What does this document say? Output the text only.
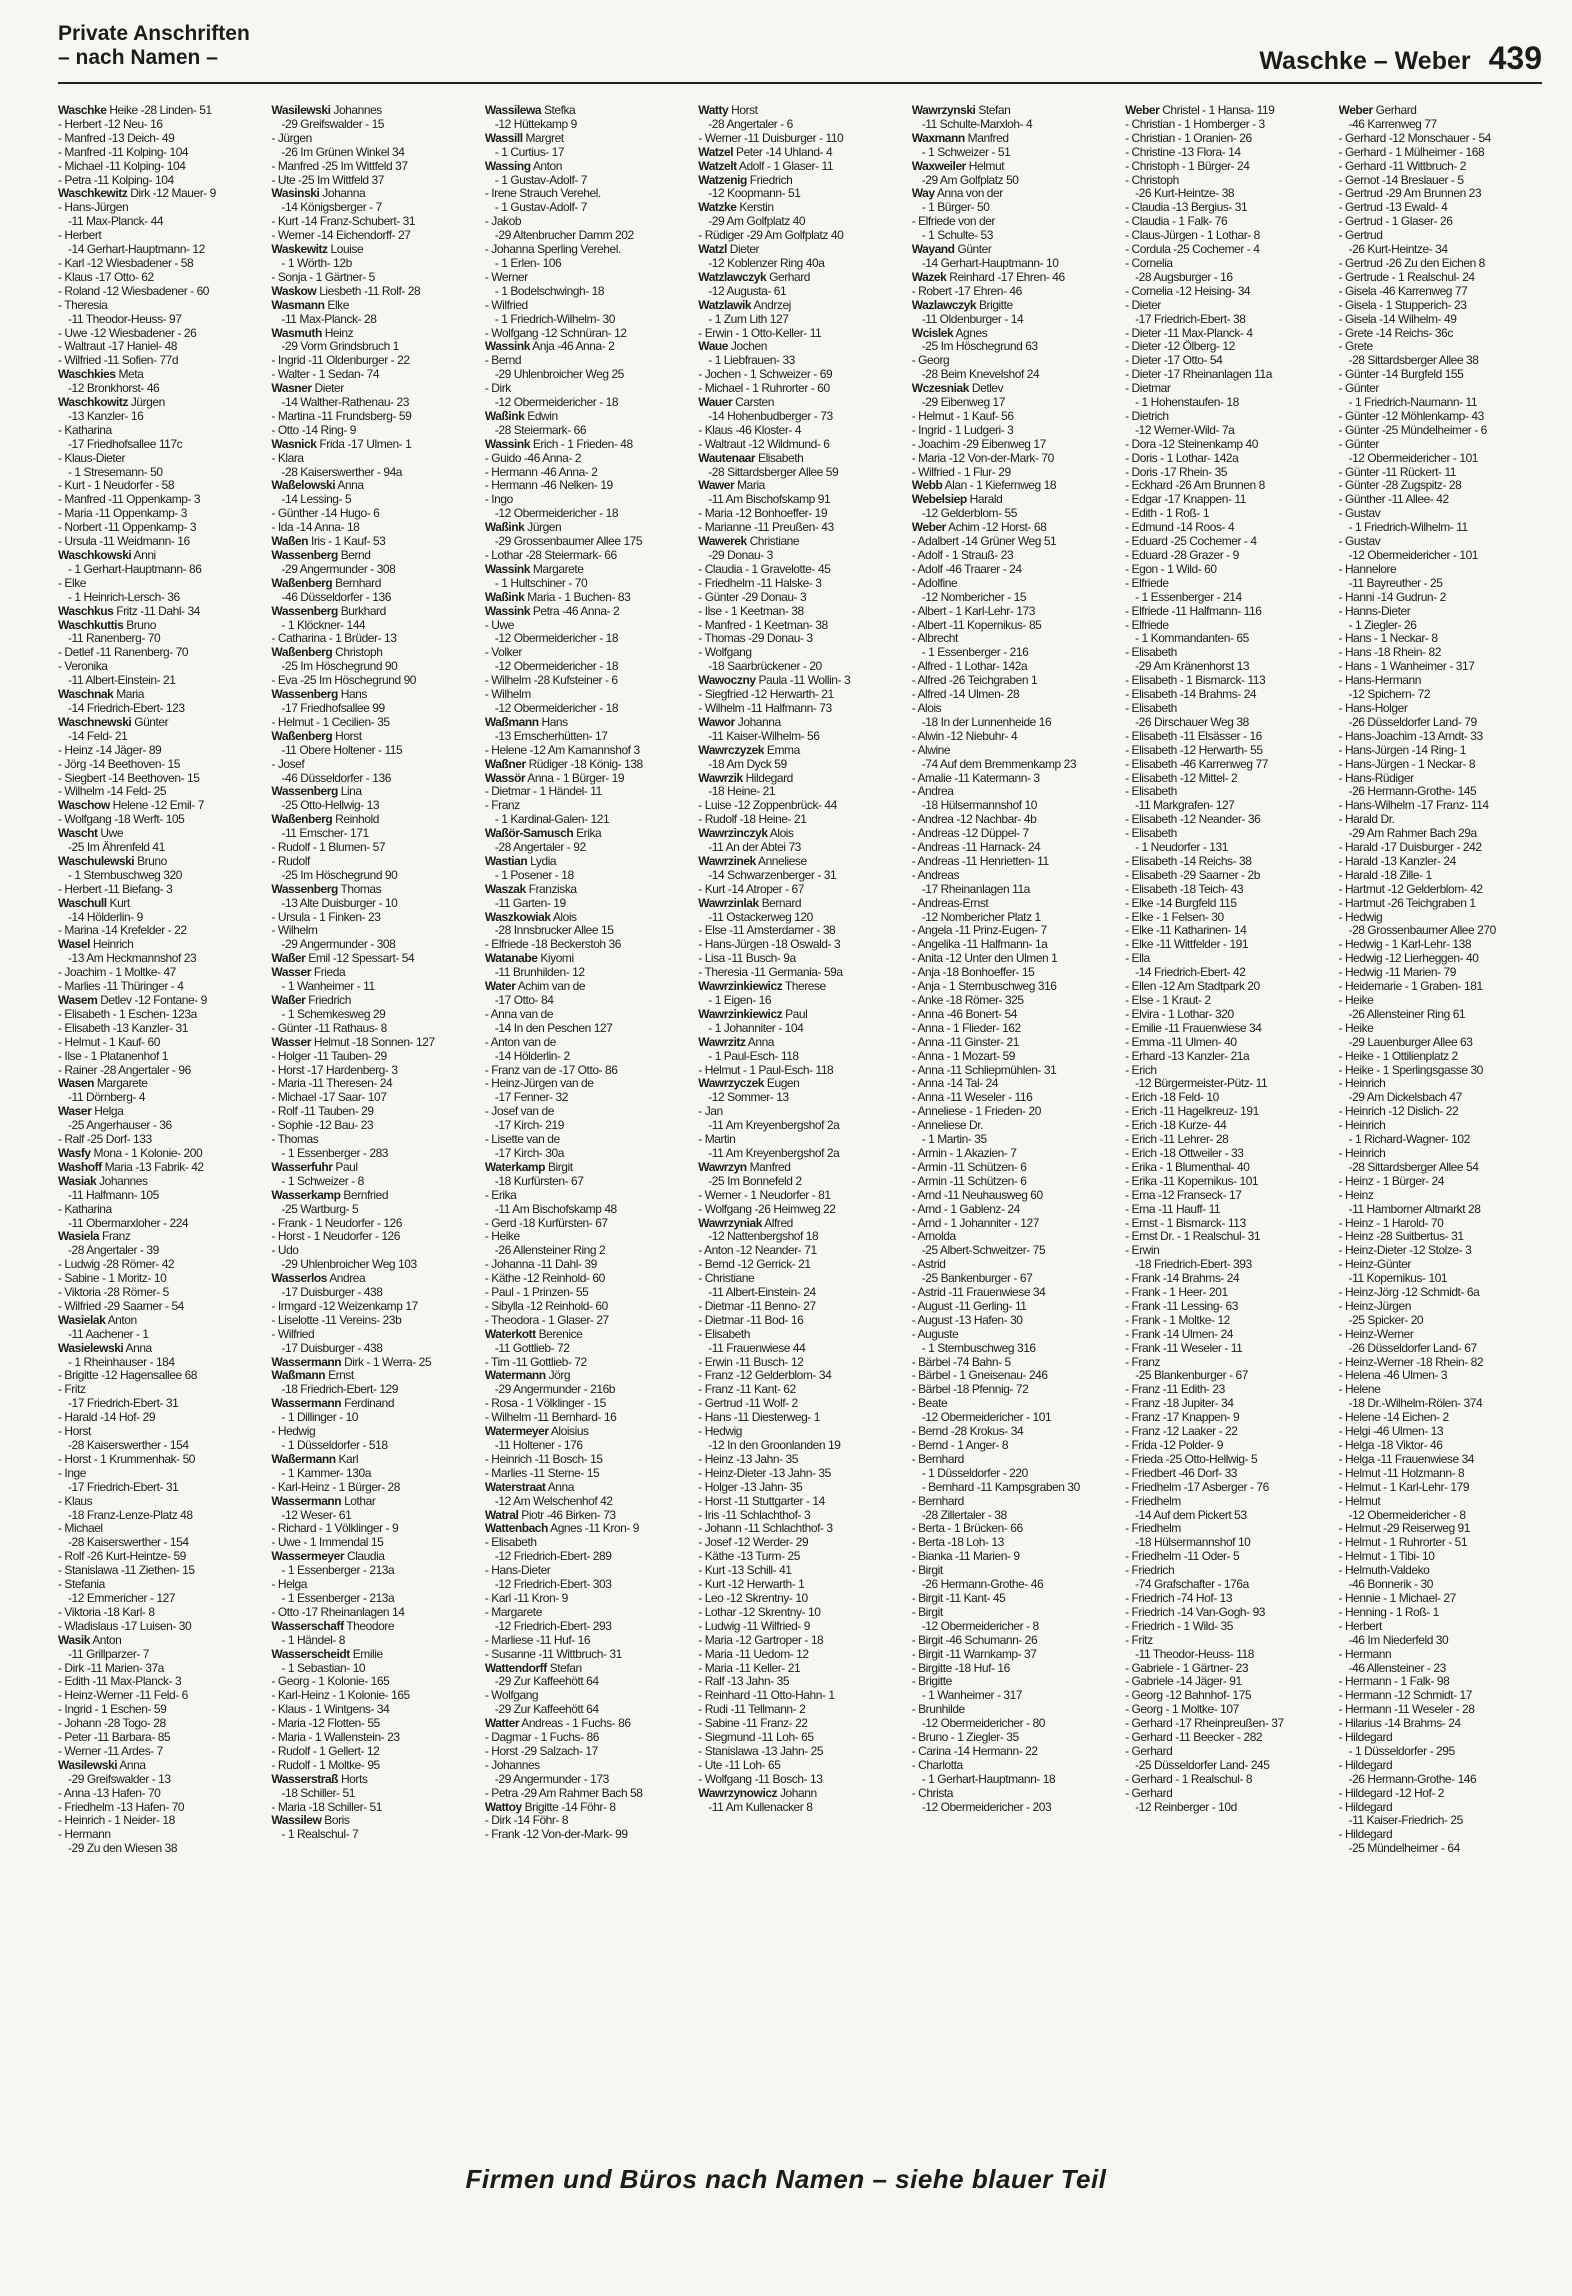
Private Anschriften
– nach Namen –	Waschke – Weber 439
Waschke Heike -28 Linden- 51
- Herbert -12 Neu- 16
- Manfred -13 Deich- 49
- Manfred -11 Kolping- 104
- Michael -11 Kolping- 104
- Petra -11 Kolping- 104
Waschkewitz Dirk -12 Mauer- 9
- Hans-Jürgen
-11 Max-Planck- 44
- Herbert
-14 Gerhart-Hauptmann- 12
- Karl -12 Wiesbadener - 58
- Klaus -17 Otto- 62
- Roland -12 Wiesbadener - 60
- Theresia
-11 Theodor-Heuss- 97
- Uwe -12 Wiesbadener - 26
- Waltraut -17 Haniel- 48
- Wilfried -11 Sofien- 77d
Waschkies Meta
-12 Bronkhorst- 46
Waschkowitz Jürgen
-13 Kanzler- 16
- Katharina
-17 Friedhofsallee 117c
- Klaus-Dieter
- 1 Stresemann- 50
- Kurt - 1 Neudorfer - 58
- Manfred -11 Oppenkamp- 3
- Maria -11 Oppenkamp- 3
- Norbert -11 Oppenkamp- 3
- Ursula -11 Weidmann- 16
Waschkowski Anni
- 1 Gerhart-Hauptmann- 86
- Elke
- 1 Heinrich-Lersch- 36
Waschkus Fritz -11 Dahl- 34
Waschkuttis Bruno
-11 Ranenberg- 70
- Detlef -11 Ranenberg- 70
- Veronika
-11 Albert-Einstein- 21
Waschnak Maria
-14 Friedrich-Ebert- 123
Waschnewski Günter
-14 Feld- 21
- Heinz -14 Jäger- 89
- Jörg -14 Beethoven- 15
- Siegbert -14 Beethoven- 15
- Wilhelm -14 Feld- 25
Waschow Helene -12 Emil- 7
- Wolfgang -18 Werft- 105
Wascht Uwe
-25 Im Ährenfeld 41
Waschulewski Bruno
- 1 Sternbuschweg 320
- Herbert -11 Biefang- 3
Waschull Kurt
-14 Hölderlin- 9
- Marina -14 Krefelder - 22
Wasel Heinrich
-13 Am Heckmannshof 23
- Joachim - 1 Moltke- 47
- Marlies -11 Thüringer - 4
Wasem Detlev -12 Fontane- 9
- Elisabeth - 1 Eschen- 123a
- Elisabeth -13 Kanzler- 31
- Helmut - 1 Kauf- 60
- Ilse - 1 Platanenhof 1
- Rainer -28 Angertaler - 96
Wasen Margarete
-11 Dörnberg- 4
Waser Helga
-25 Angerhauser - 36
- Ralf -25 Dorf- 133
Wasfy Mona - 1 Kolonie- 200
Washoff Maria -13 Fabrik- 42
Wasiak Johannes
-11 Halfmann- 105
- Katharina
-11 Obermarxloher - 224
Wasiela Franz
-28 Angertaler - 39
- Ludwig -28 Römer- 42
- Sabine - 1 Moritz- 10
- Viktoria -28 Römer- 5
- Wilfried -29 Saarner - 54
Wasielak Anton
-11 Aachener - 1
Wasielewski Anna
- 1 Rheinhauser - 184
- Brigitte -12 Hagensallee 68
- Fritz
-17 Friedrich-Ebert- 31
- Harald -14 Hof- 29
- Horst
-28 Kaiserswerther - 154
- Horst - 1 Krummenhak- 50
- Inge
-17 Friedrich-Ebert- 31
- Klaus
-18 Franz-Lenze-Platz 48
- Michael
-28 Kaiserswerther - 154
- Rolf -26 Kurt-Heintze- 59
- Stanislawa -11 Ziethen- 15
- Stefania
-12 Emmericher - 127
- Viktoria -18 Karl- 8
- Wladislaus -17 Luisen- 30
Wasik Anton
-11 Grillparzer- 7
- Dirk -11 Marien- 37a
- Edith -11 Max-Planck- 3
- Heinz-Werner -11 Feld- 6
- Ingrid - 1 Eschen- 59
- Johann -28 Togo- 28
- Peter -11 Barbara- 85
- Werner -11 Ardes- 7
Wasilewski Anna
-29 Greifswalder - 13
- Anna -13 Hafen- 70
- Friedhelm -13 Hafen- 70
- Heinrich - 1 Neider- 18
- Hermann
-29 Zu den Wiesen 38
Wasilewski Johannes
-29 Greifswalder - 15
- Jürgen
-26 Im Grünen Winkel 34
- Manfred -25 Im Wittfeld 37
- Ute -25 Im Wittfeld 37
Wasinski Johanna
-14 Königsberger - 7
- Kurt -14 Franz-Schubert- 31
- Werner -14 Eichendorff- 27
Waskewitz Louise
- 1 Wörth- 12b
- Sonja - 1 Gärtner- 5
Waskow Liesbeth -11 Rolf- 28
Wasmann Elke
-11 Max-Planck- 28
Wasmuth Heinz
-29 Vorm Grindsbruch 1
- Ingrid -11 Oldenburger - 22
- Walter - 1 Sedan- 74
Wasner Dieter
-14 Walther-Rathenau- 23
- Martina -11 Frundsberg- 59
- Otto -14 Ring- 9
Wasnick Frida -17 Ulmen- 1
- Klara
-28 Kaiserswerther - 94a
Waßelowski Anna
-14 Lessing- 5
- Günther -14 Hugo- 6
- Ida -14 Anna- 18
Waßen Iris - 1 Kauf- 53
Wassenberg Bernd
-29 Angermunder - 308
Waßenberg Bernhard
-46 Düsseldorfer - 136
Wassenberg Burkhard
- 1 Klöckner- 144
- Catharina - 1 Brüder- 13
Waßenberg Christoph
-25 Im Höschegrund 90
- Eva -25 Im Höschegrund 90
Wassenberg Hans
-17 Friedhofsallee 99
- Helmut - 1 Cecilien- 35
Waßenberg Horst
-11 Obere Holtener - 115
- Josef
-46 Düsseldorfer - 136
Wassenberg Lina
-25 Otto-Hellwig- 13
Waßenberg Reinhold
-11 Emscher- 171
- Rudolf - 1 Blumen- 57
- Rudolf
-25 Im Höschegrund 90
Wassenberg Thomas
-13 Alte Duisburger - 10
- Ursula - 1 Finken- 23
- Wilhelm
-29 Angermunder - 308
Waßer Emil -12 Spessart- 54
Wasser Frieda
- 1 Wanheimer - 11
Waßer Friedrich
- 1 Schemkesweg 29
- Günter -11 Rathaus- 8
Wasser Helmut -18 Sonnen- 127
- Holger -11 Tauben- 29
- Horst -17 Hardenberg- 3
- Maria -11 Theresen- 24
- Michael -17 Saar- 107
- Rolf -11 Tauben- 29
- Sophie -12 Bau- 23
- Thomas
- 1 Essenberger - 283
Wasserfuhr Paul
- 1 Schweizer - 8
Wasserkamp Bernfried
-25 Wartburg- 5
- Frank - 1 Neudorfer - 126
- Horst - 1 Neudorfer - 126
- Udo
-29 Uhlenbroicher Weg 103
Wasserlos Andrea
-17 Duisburger - 438
- Irmgard -12 Weizenkamp 17
- Liselotte -11 Vereins- 23b
- Wilfried
-17 Duisburger - 438
Wassermann Dirk - 1 Werra- 25
Waßmann Ernst
-18 Friedrich-Ebert- 129
Wassermann Ferdinand
- 1 Dillinger - 10
- Hedwig
- 1 Düsseldorfer - 518
Waßermann Karl
- 1 Kammer- 130a
- Karl-Heinz - 1 Bürger- 28
Wassermann Lothar
-12 Weser- 61
- Richard - 1 Völklinger - 9
- Uwe - 1 Immendal 15
Wassermeyer Claudia
- 1 Essenberger - 213a
- Helga
- 1 Essenberger - 213a
- Otto -17 Rheinanlagen 14
Wasserschaff Theodore
- 1 Händel- 8
Wasserscheidt Emilie
- 1 Sebastian- 10
- Georg - 1 Kolonie- 165
- Karl-Heinz - 1 Kolonie- 165
- Klaus - 1 Wintgens- 34
- Maria -12 Flotten- 55
- Maria - 1 Wallenstein- 23
- Rudolf - 1 Gellert- 12
- Rudolf - 1 Moltke- 95
Wasserstraß Horts
-18 Schiller- 51
- Maria -18 Schiller- 51
Wassilew Boris
- 1 Realschul- 7
Wassilewa Stefka
-12 Hüttekamp 9
Wassill Margret
- 1 Curtius- 17
Wassing Anton
- 1 Gustav-Adolf- 7
- Irene Strauch Verehel.
- 1 Gustav-Adolf- 7
- Jakob
-29 Altenbrucher Damm 202
- Johanna Sperling Verehel.
- 1 Erlen- 106
- Werner
- 1 Bodelschwingh- 18
- Wilfried
- 1 Friedrich-Wilhelm- 30
- Wolfgang -12 Schnüran- 12
Wassink Anja -46 Anna- 2
- Bernd
-29 Uhlenbroicher Weg 25
- Dirk
-12 Obermeidericher - 18
Waßink Edwin
-28 Steiermark- 66
Wassink Erich - 1 Frieden- 48
- Guido -46 Anna- 2
- Hermann -46 Anna- 2
- Hermann -46 Nelken- 19
- Ingo
-12 Obermeidericher - 18
Waßink Jürgen
-29 Grossenbaumer Allee 175
- Lothar -28 Steiermark- 66
Wassink Margarete
- 1 Hultschiner - 70
Waßink Maria - 1 Buchen- 83
Wassink Petra -46 Anna- 2
- Uwe
-12 Obermeidericher - 18
- Volker
-12 Obermeidericher - 18
- Wilhelm -28 Kufsteiner - 6
- Wilhelm
-12 Obermeidericher - 18
Waßmann Hans
-13 Emscherhütten- 17
- Helene -12 Am Kamannshof 3
Waßner Rüdiger -18 König- 138
Wassör Anna - 1 Bürger- 19
- Dietmar - 1 Händel- 11
- Franz
- 1 Kardinal-Galen- 121
Waßör-Samusch Erika
-28 Angertaler - 92
Wastian Lydia
- 1 Posener - 18
Waszak Franziska
-11 Garten- 19
Waszkowiak Alois
-28 Innsbrucker Allee 15
- Elfriede -18 Beckerstoh 36
Watanabe Kiyomi
-11 Brunhilden- 12
Water Achim van de
-17 Otto- 84
- Anna van de
-14 In den Peschen 127
- Anton van de
-14 Hölderlin- 2
- Franz van de -17 Otto- 86
- Heinz-Jürgen van de
-17 Fenner- 32
- Josef van de
-17 Kirch- 219
- Lisette van de
-17 Kirch- 30a
Waterkamp Birgit
-18 Kurfürsten- 67
- Erika
-11 Am Bischofskamp 48
- Gerd -18 Kurfürsten- 67
- Heike
-26 Allensteiner Ring 2
- Johanna -11 Dahl- 39
- Käthe -12 Reinhold- 60
- Paul - 1 Prinzen- 55
- Sibylla -12 Reinhold- 60
- Theodora - 1 Glaser- 27
Waterkott Berenice
-11 Gottlieb- 72
- Tim -11 Gottlieb- 72
Watermann Jörg
-29 Angermunder - 216b
- Rosa - 1 Völklinger - 15
- Wilhelm -11 Bernhard- 16
Watermeyer Aloisius
-11 Holtener - 176
- Heinrich -11 Bosch- 15
- Marlies -11 Sterne- 15
Waterstraat Anna
-12 Am Welschenhof 42
Watral Piotr -46 Birken- 73
Wattenbach Agnes -11 Kron- 9
- Elisabeth
-12 Friedrich-Ebert- 289
- Hans-Dieter
-12 Friedrich-Ebert- 303
- Karl -11 Kron- 9
- Margarete
-12 Friedrich-Ebert- 293
- Marliese -11 Huf- 16
- Susanne -11 Wittbruch- 31
Wattendorff Stefan
-29 Zur Kaffeehött 64
- Wolfgang
-29 Zur Kaffeehött 64
Watter Andreas - 1 Fuchs- 86
- Dagmar - 1 Fuchs- 86
- Horst -29 Salzach- 17
- Johannes
-29 Angermunder - 173
- Petra -29 Am Rahmer Bach 58
Wattoy Brigitte -14 Föhr- 8
- Dirk -14 Föhr- 8
- Frank -12 Von-der-Mark- 99
Watty Horst
-28 Angertaler - 6
- Werner -11 Duisburger - 110
Watzel Peter -14 Uhland- 4
Watzelt Adolf - 1 Glaser- 11
Watzenig Friedrich
-12 Koopmann- 51
Watzke Kerstin
-29 Am Golfplatz 40
- Rüdiger -29 Am Golfplatz 40
Watzl Dieter
-12 Koblenzer Ring 40a
Watzlawczyk Gerhard
-12 Augusta- 61
Watzlawik Andrzej
- 1 Zum Lith 127
- Erwin - 1 Otto-Keller- 11
Waue Jochen
- 1 Liebfrauen- 33
- Jochen - 1 Schweizer - 69
- Michael - 1 Ruhrorter - 60
Wauer Carsten
-14 Hohenbudberger - 73
- Klaus -46 Kloster- 4
- Waltraut -12 Wildmund- 6
Wautenaar Elisabeth
-28 Sittardsberger Allee 59
Wawer Maria
-11 Am Bischofskamp 91
- Maria -12 Bonhoeffer- 19
- Marianne -11 Preußen- 43
Wawerek Christiane
-29 Donau- 3
- Claudia - 1 Gravelotte- 45
- Friedhelm -11 Halske- 3
- Günter -29 Donau- 3
- Ilse - 1 Keetman- 38
- Manfred - 1 Keetman- 38
- Thomas -29 Donau- 3
- Wolfgang
-18 Saarbrückener - 20
Wawoczny Paula -11 Wollin- 3
- Siegfried -12 Herwarth- 21
- Wilhelm -11 Halfmann- 73
Wawor Johanna
-11 Kaiser-Wilhelm- 56
Wawrczyzek Emma
-18 Am Dyck 59
Wawrzik Hildegard
-18 Heine- 21
- Luise -12 Zoppenbrück- 44
- Rudolf -18 Heine- 21
Wawrzinczyk Alois
-11 An der Abtei 73
Wawrzinek Anneliese
-14 Schwarzenberger - 31
- Kurt -14 Atroper - 67
Wawrzinlak Bernard
-11 Ostackerweg 120
- Else -11 Amsterdamer - 38
- Hans-Jürgen -18 Oswald- 3
- Lisa -11 Busch- 9a
- Theresia -11 Germania- 59a
Wawrzinkiewicz Therese
- 1 Eigen- 16
Wawrzinkiewicz Paul
- 1 Johanniter - 104
Wawrzitz Anna
- 1 Paul-Esch- 118
- Helmut - 1 Paul-Esch- 118
Wawrzyczek Eugen
-12 Sommer- 13
- Jan
-11 Am Kreyenbergshof 2a
- Martin
-11 Am Kreyenbergshof 2a
Wawrzyn Manfred
-25 Im Bonnefeld 2
- Werner - 1 Neudorfer - 81
- Wolfgang -26 Heimweg 22
Wawrzyniak Alfred
-12 Nattenbergshof 18
- Anton -12 Neander- 71
- Bernd -12 Gerrick- 21
- Christiane
-11 Albert-Einstein- 24
- Dietmar -11 Benno- 27
- Dietmar -11 Bod- 16
- Elisabeth
-11 Frauenwiese 44
- Erwin -11 Busch- 12
- Franz -12 Gelderblom- 34
- Franz -11 Kant- 62
- Gertrud -11 Wolf- 2
- Hans -11 Diesterweg- 1
- Hedwig
-12 In den Groonlanden 19
- Heinz -13 Jahn- 35
- Heinz-Dieter -13 Jahn- 35
- Holger -13 Jahn- 35
- Horst -11 Stuttgarter - 14
- Iris -11 Schlachthof- 3
- Johann -11 Schlachthof- 3
- Josef -12 Werder- 29
- Käthe -13 Turm- 25
- Kurt -13 Schill- 41
- Kurt -12 Herwarth- 1
- Leo -12 Skrentny- 10
- Lothar -12 Skrentny- 10
- Ludwig -11 Wilfried- 9
- Maria -12 Gartroper - 18
- Maria -11 Uedom- 12
- Maria -11 Keller- 21
- Ralf -13 Jahn- 35
- Reinhard -11 Otto-Hahn- 1
- Rudi -11 Tellmann- 2
- Sabine -11 Franz- 22
- Siegmund -11 Loh- 65
- Stanislawa -13 Jahn- 25
- Ute -11 Loh- 65
- Wolfgang -11 Bosch- 13
Wawrzynowicz Johann
-11 Am Kullenacker 8
Wawrzynski Stefan
-11 Schulte-Marxloh- 4
Waxmann Manfred
- 1 Schweizer - 51
Waxweiler Helmut
-29 Am Golfplatz 50
Way Anna von der
- 1 Bürger- 50
- Elfriede von der
- 1 Schulte- 53
Wayand Günter
-14 Gerhart-Hauptmann- 10
Wazek Reinhard -17 Ehren- 46
- Robert -17 Ehren- 46
Wazlawczyk Brigitte
-11 Oldenburger - 14
Wcislek Agnes
-25 Im Höschegrund 63
- Georg
-28 Beim Knevelshof 24
Wczesniak Detlev
-29 Eibenweg 17
- Helmut - 1 Kauf- 56
- Ingrid - 1 Ludgeri- 3
- Joachim -29 Eibenweg 17
- Maria -12 Von-der-Mark- 70
- Wilfried - 1 Flur- 29
Webb Alan - 1 Kiefernweg 18
Webelsiep Harald
-12 Gelderblom- 55
Weber Achim -12 Horst- 68
- Adalbert -14 Grüner Weg 51
- Adolf - 1 Strauß- 23
- Adolf -46 Traarer - 24
- Adolfine
-12 Nombericher - 15
- Albert - 1 Karl-Lehr- 173
- Albert -11 Kopernikus- 85
- Albrecht
- 1 Essenberger - 216
- Alfred - 1 Lothar- 142a
- Alfred -26 Teichgraben 1
- Alfred -14 Ulmen- 28
- Alois
-18 In der Lunnenheide 16
- Alwin -12 Niebuhr- 4
- Alwine
-74 Auf dem Bremmenkamp 23
- Amalie -11 Katermann- 3
- Andrea
-18 Hülsermannshof 10
- Andrea -12 Nachbar- 4b
- Andreas -12 Düppel- 7
- Andreas -11 Harnack- 24
- Andreas -11 Henrietten- 11
- Andreas
-17 Rheinanlagen 11a
- Andreas-Ernst
-12 Nombericher Platz 1
- Angela -11 Prinz-Eugen- 7
- Angelika -11 Halfmann- 1a
- Anita -12 Unter den Ulmen 1
- Anja -18 Bonhoeffer- 15
- Anja - 1 Sternbuschweg 316
- Anke -18 Römer- 325
- Anna -46 Bonert- 54
- Anna - 1 Flieder- 162
- Anna -11 Ginster- 21
- Anna - 1 Mozart- 59
- Anna -11 Schliepmühlen- 31
- Anna -14 Tal- 24
- Anna -11 Weseler - 116
- Anneliese - 1 Frieden- 20
- Anneliese Dr.
- 1 Martin- 35
- Armin - 1 Akazien- 7
- Armin -11 Schützen- 6
- Armin -11 Schützen- 6
- Arnd -11 Neuhausweg 60
- Arnd - 1 Gablenz- 24
- Arnd - 1 Johanniter - 127
- Arnolda
-25 Albert-Schweitzer- 75
- Astrid
-25 Bankenburger - 67
- Astrid -11 Frauenwiese 34
- August -11 Gerling- 11
- August -13 Hafen- 30
- Auguste
- 1 Sternbuschweg 316
- Bärbel -74 Bahn- 5
- Bärbel - 1 Gneisenau- 246
- Bärbel -18 Pfennig- 72
- Beate
-12 Obermeidericher - 101
- Bernd -28 Krokus- 34
- Bernd - 1 Anger- 8
- Bernhard
- 1 Düsseldorfer - 220
- Bernhard -11 Kampsgraben 30
- Bernhard
-28 Zillertaler - 38
- Berta - 1 Brücken- 66
- Berta -18 Loh- 13
- Bianka -11 Marien- 9
- Birgit
-26 Hermann-Grothe- 46
- Birgit -11 Kant- 45
- Birgit
-12 Obermeidericher - 8
- Birgit -46 Schumann- 26
- Birgit -11 Warnkamp- 37
- Birgitte -18 Huf- 16
- Brigitte
- 1 Wanheimer - 317
- Brunhilde
-12 Obermeidericher - 80
- Bruno - 1 Ziegler- 35
- Carina -14 Hermann- 22
- Charlotta
- 1 Gerhart-Hauptmann- 18
- Christa
-12 Obermeidericher - 203
Weber Christel - 1 Hansa- 119
- Christian - 1 Homberger - 3
- Christian - 1 Oranien- 26
- Christine -13 Flora- 14
- Christoph - 1 Bürger- 24
- Christoph
-26 Kurt-Heintze- 38
- Claudia -13 Bergius- 31
- Claudia - 1 Falk- 76
- Claus-Jürgen - 1 Lothar- 8
- Cordula -25 Cochemer - 4
- Cornelia
-28 Augsburger - 16
- Cornelia -12 Heising- 34
- Dieter
-17 Friedrich-Ebert- 38
- Dieter -11 Max-Planck- 4
- Dieter -12 Ölberg- 12
- Dieter -17 Otto- 54
- Dieter -17 Rheinanlagen 11a
- Dietmar
- 1 Hohenstaufen- 18
- Dietrich
-12 Werner-Wild- 7a
- Dora -12 Steinenkamp 40
- Doris - 1 Lothar- 142a
- Doris -17 Rhein- 35
- Eckhard -26 Am Brunnen 8
- Edgar -17 Knappen- 11
- Edith - 1 Roß- 1
- Edmund -14 Roos- 4
- Eduard -25 Cochemer - 4
- Eduard -28 Grazer - 9
- Egon - 1 Wild- 60
- Elfriede
- 1 Essenberger - 214
- Elfriede -11 Halfmann- 116
- Elfriede
- 1 Kommandanten- 65
- Elisabeth
-29 Am Kränenhorst 13
- Elisabeth - 1 Bismarck- 113
- Elisabeth -14 Brahms- 24
- Elisabeth
-26 Dirschauer Weg 38
- Elisabeth -11 Elsässer - 16
- Elisabeth -12 Herwarth- 55
- Elisabeth -46 Karrenweg 77
- Elisabeth -12 Mittel- 2
- Elisabeth
-11 Markgrafen- 127
- Elisabeth -12 Neander- 36
- Elisabeth
- 1 Neudorfer - 131
- Elisabeth -14 Reichs- 38
- Elisabeth -29 Saarner - 2b
- Elisabeth -18 Teich- 43
- Elke -14 Burgfeld 115
- Elke - 1 Felsen- 30
- Elke -11 Katharinen- 14
- Elke -11 Wittfelder - 191
- Ella
-14 Friedrich-Ebert- 42
- Ellen -12 Am Stadtpark 20
- Else - 1 Kraut- 2
- Elvira - 1 Lothar- 320
- Emilie -11 Frauenwiese 34
- Emma -11 Ulmen- 40
- Erhard -13 Kanzler- 21a
- Erich
-12 Bürgermeister-Pütz- 11
- Erich -18 Feld- 10
- Erich -11 Hagelkreuz- 191
- Erich -18 Kurze- 44
- Erich -11 Lehrer- 28
- Erich -18 Ottweiler - 33
- Erika - 1 Blumenthal- 40
- Erika -11 Kopernikus- 101
- Erna -12 Franseck- 17
- Erna -11 Hauff- 11
- Ernst - 1 Bismarck- 113
- Ernst Dr. - 1 Realschul- 31
- Erwin
-18 Friedrich-Ebert- 393
- Frank -14 Brahms- 24
- Frank - 1 Heer- 201
- Frank -11 Lessing- 63
- Frank - 1 Moltke- 12
- Frank -14 Ulmen- 24
- Frank -11 Weseler - 11
- Franz
-25 Blankenburger - 67
- Franz -11 Edith- 23
- Franz -18 Jupiter- 34
- Franz -17 Knappen- 9
- Franz -12 Laaker - 22
- Frida -12 Polder- 9
- Frieda -25 Otto-Hellwig- 5
- Friedbert -46 Dorf- 33
- Friedhelm -17 Asberger - 76
- Friedhelm
-14 Auf dem Pickert 53
- Friedhelm
-18 Hülsermannshof 10
- Friedhelm -11 Oder- 5
- Friedrich
-74 Grafschafter - 176a
- Friedrich -74 Hof- 13
- Friedrich -14 Van-Gogh- 93
- Friedrich - 1 Wild- 35
- Fritz
-11 Theodor-Heuss- 118
- Gabriele - 1 Gärtner- 23
- Gabriele -14 Jäger- 91
- Georg -12 Bahnhof- 175
- Georg - 1 Moltke- 107
- Gerhard -17 Rheinpreußen- 37
- Gerhard -11 Beecker - 282
- Gerhard
-25 Düsseldorfer Land- 245
- Gerhard - 1 Realschul- 8
- Gerhard
-12 Reinberger - 10d
Weber Gerhard
-46 Karrenweg 77
- Gerhard -12 Monschauer - 54
- Gerhard - 1 Mülheimer - 168
- Gerhard -11 Wittbruch- 2
- Gernot -14 Breslauer - 5
- Gertrud -29 Am Brunnen 23
- Gertrud -13 Ewald- 4
- Gertrud - 1 Glaser- 26
- Gertrud
-26 Kurt-Heintze- 34
- Gertrud -26 Zu den Eichen 8
- Gertrude - 1 Realschul- 24
- Gisela -46 Karrenweg 77
- Gisela - 1 Stupperich- 23
- Gisela -14 Wilhelm- 49
- Grete -14 Reichs- 36c
- Grete
-28 Sittardsberger Allee 38
- Günter -14 Burgfeld 155
- Günter
- 1 Friedrich-Naumann- 11
- Günter -12 Möhlenkamp- 43
- Günter -25 Mündelheimer - 6
- Günter
-12 Obermeidericher - 101
- Günter -11 Rückert- 11
- Günter -28 Zugspitz- 28
- Günther -11 Allee- 42
- Gustav
- 1 Friedrich-Wilhelm- 11
- Gustav
-12 Obermeidericher - 101
- Hannelore
-11 Bayreuther - 25
- Hanni -14 Gudrun- 2
- Hanns-Dieter
- 1 Ziegler- 26
- Hans - 1 Neckar- 8
- Hans -18 Rhein- 82
- Hans - 1 Wanheimer - 317
- Hans-Hermann
-12 Spichern- 72
- Hans-Holger
-26 Düsseldorfer Land- 79
- Hans-Joachim -13 Arndt- 33
- Hans-Jürgen -14 Ring- 1
- Hans-Jürgen - 1 Neckar- 8
- Hans-Rüdiger
-26 Hermann-Grothe- 145
- Hans-Wilhelm -17 Franz- 114
- Harald Dr.
-29 Am Rahmer Bach 29a
- Harald -17 Duisburger - 242
- Harald -13 Kanzler- 24
- Harald -18 Zille- 1
- Hartmut -12 Gelderblom- 42
- Hartmut -26 Teichgraben 1
- Hedwig
-28 Grossenbaumer Allee 270
- Hedwig - 1 Karl-Lehr- 138
- Hedwig -12 Lierheggen- 40
- Hedwig -11 Marien- 79
- Heidemarie - 1 Graben- 181
- Heike
-26 Allensteiner Ring 61
- Heike
-29 Lauenburger Allee 63
- Heike - 1 Ottilienplatz 2
- Heike - 1 Sperlingsgasse 30
- Heinrich
-29 Am Dickelsbach 47
- Heinrich -12 Dislich- 22
- Heinrich
- 1 Richard-Wagner- 102
- Heinrich
-28 Sittardsberger Allee 54
- Heinz - 1 Bürger- 24
- Heinz
-11 Hamborner Altmarkt 28
- Heinz - 1 Harold- 70
- Heinz -28 Suitbertus- 31
- Heinz-Dieter -12 Stolze- 3
- Heinz-Günter
-11 Kopernikus- 101
- Heinz-Jörg -12 Schmidt- 6a
- Heinz-Jürgen
-25 Spicker- 20
- Heinz-Werner
-26 Düsseldorfer Land- 67
- Heinz-Werner -18 Rhein- 82
- Helena -46 Ulmen- 3
- Helene
-18 Dr.-Wilhelm-Rölen- 374
- Helene -14 Eichen- 2
- Helgi -46 Ulmen- 13
- Helga -18 Viktor- 46
- Helga -11 Frauenwiese 34
- Helmut -11 Holzmann- 8
- Helmut - 1 Karl-Lehr- 179
- Helmut
-12 Obermeidericher - 8
- Helmut -29 Reiserweg 91
- Helmut - 1 Ruhrorter - 51
- Helmut - 1 Tibi- 10
- Helmuth-Valdeko
-46 Bonnerik - 30
- Hennie - 1 Michael- 27
- Henning - 1 Roß- 1
- Herbert
-46 Im Niederfeld 30
- Hermann
-46 Allensteiner - 23
- Hermann - 1 Falk- 98
- Hermann -12 Schmidt- 17
- Hermann -11 Weseler - 28
- Hilarius -14 Brahms- 24
- Hildegard
- 1 Düsseldorfer - 295
- Hildegard
-26 Hermann-Grothe- 146
- Hildegard -12 Hof- 2
- Hildegard
-11 Kaiser-Friedrich- 25
- Hildegard
-25 Mündelheimer - 64
Firmen und Büros nach Namen – siehe blauer Teil
